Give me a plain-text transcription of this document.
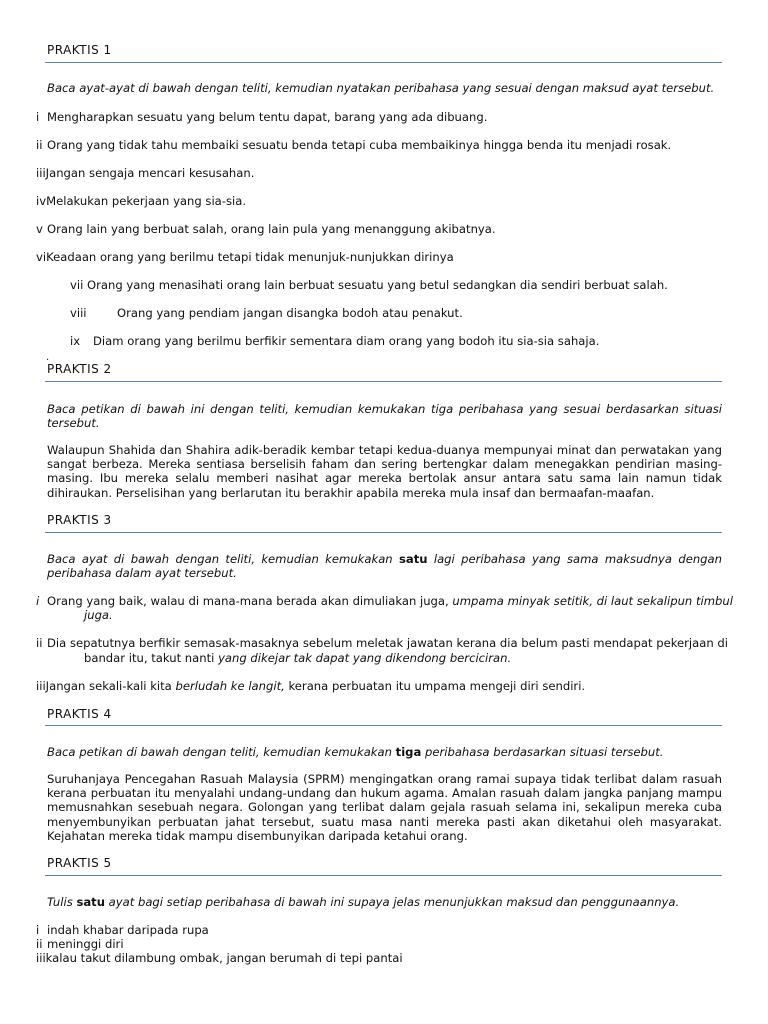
PRAKTIS 1
Baca ayat-ayat di bawah dengan teliti, kemudian nyatakan peribahasa yang sesuai dengan maksud ayat tersebut.
i Mengharapkan sesuatu yang belum tentu dapat, barang yang ada dibuang.
ii Orang yang tidak tahu membaiki sesuatu benda tetapi cuba membaikinya hingga benda itu menjadi rosak.
iiiJangan sengaja mencari kesusahan.
ivMelakukan pekerjaan yang sia-sia.
v Orang lain yang berbuat salah, orang lain pula yang menanggung akibatnya.
viKeadaan orang yang berilmu tetapi tidak menunjuk-nunjukkan dirinya
vii Orang yang menasihati orang lain berbuat sesuatu yang betul sedangkan dia sendiri berbuat salah.
viii	Orang yang pendiam jangan disangka bodoh atau penakut.
ix Diam orang yang berilmu berfikir sementara diam orang yang bodoh itu sia-sia sahaja.
.
PRAKTIS 2
Baca petikan di bawah ini dengan teliti, kemudian kemukakan tiga peribahasa yang sesuai berdasarkan situasi tersebut.
Walaupun Shahida dan Shahira adik-beradik kembar tetapi kedua-duanya mempunyai minat dan perwatakan yang sangat berbeza. Mereka sentiasa berselisih faham dan sering bertengkar dalam menegakkan pendirian masing-masing. Ibu mereka selalu memberi nasihat agar mereka bertolak ansur antara satu sama lain namun tidak dihiraukan. Perselisihan yang berlarutan itu berakhir apabila mereka mula insaf dan bermaafan-maafan.
PRAKTIS 3
Baca ayat di bawah dengan teliti, kemudian kemukakan satu lagi peribahasa yang sama maksudnya dengan peribahasa dalam ayat tersebut.
i Orang yang baik, walau di mana-mana berada akan dimuliakan juga, umpama minyak setitik, di laut sekalipun timbul
juga.
ii Dia sepatutnya berfikir semasak-masaknya sebelum meletak jawatan kerana dia belum pasti mendapat pekerjaan di
bandar itu, takut nanti yang dikejar tak dapat yang dikendong berciciran.
iiiJangan sekali-kali kita berludah ke langit, kerana perbuatan itu umpama mengeji diri sendiri.
PRAKTIS 4
Baca petikan di bawah dengan teliti, kemudian kemukakan tiga peribahasa berdasarkan situasi tersebut.
Suruhanjaya Pencegahan Rasuah Malaysia (SPRM) mengingatkan orang ramai supaya tidak terlibat dalam rasuah kerana perbuatan itu menyalahi undang-undang dan hukum agama. Amalan rasuah dalam jangka panjang mampu memusnahkan sesebuah negara. Golongan yang terlibat dalam gejala rasuah selama ini, sekalipun mereka cuba menyembunyikan perbuatan jahat tersebut, suatu masa nanti mereka pasti akan diketahui oleh masyarakat. Kejahatan mereka tidak mampu disembunyikan daripada ketahui orang.
PRAKTIS 5
Tulis satu ayat bagi setiap peribahasa di bawah ini supaya jelas menunjukkan maksud dan penggunaannya.
i indah khabar daripada rupa
ii meninggi diri
iiikalau takut dilambung ombak, jangan berumah di tepi pantai
